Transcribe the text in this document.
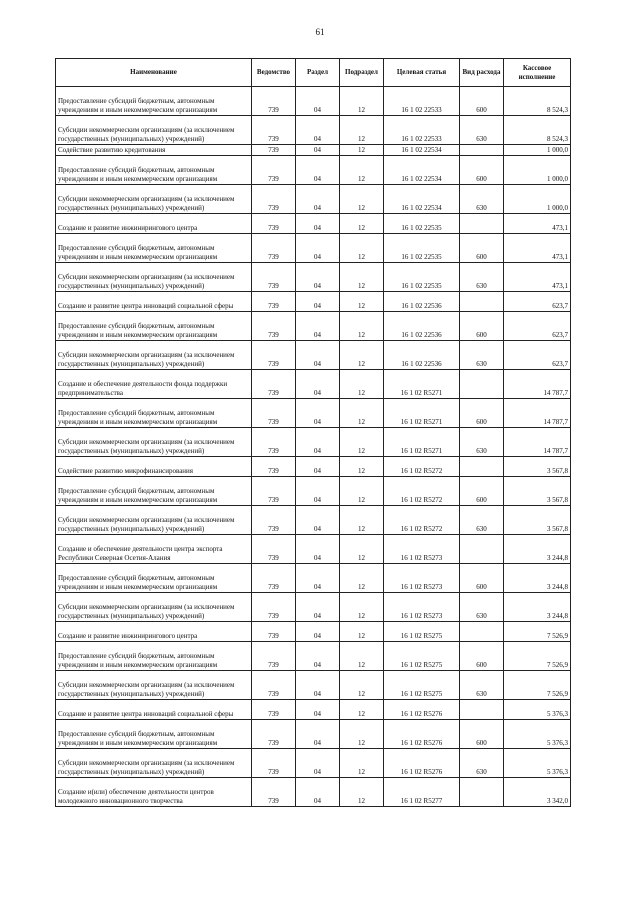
61
Наименование	Ведомство	Раздел	Подраздел	Целевая статья	Вид расхода	Кассовое исполнение
Предоставление субсидий бюджетным, автономным учреждениям и иным некоммерческим организациям	739	04	12	16 1 02 22533	600	8 524,3
Субсидии некоммерческим организациям (за исключением государственных (муниципальных) учреждений)	739	04	12	16 1 02 22533	630	8 524,3
Содействие развитию кредитования	739	04	12	16 1 02 22534		1 000,0
Предоставление субсидий бюджетным, автономным учреждениям и иным некоммерческим организациям	739	04	12	16 1 02 22534	600	1 000,0
Субсидии некоммерческим организациям (за исключением государственных (муниципальных) учреждений)	739	04	12	16 1 02 22534	630	1 000,0
Создание и развитие инжинирингового центра	739	04	12	16 1 02 22535		473,1
Предоставление субсидий бюджетным, автономным учреждениям и иным некоммерческим организациям	739	04	12	16 1 02 22535	600	473,1
Субсидии некоммерческим организациям (за исключением государственных (муниципальных) учреждений)	739	04	12	16 1 02 22535	630	473,1
Создание и развитие центра инноваций социальной сферы	739	04	12	16 1 02 22536		623,7
Предоставление субсидий бюджетным, автономным учреждениям и иным некоммерческим организациям	739	04	12	16 1 02 22536	600	623,7
Субсидии некоммерческим организациям (за исключением государственных (муниципальных) учреждений)	739	04	12	16 1 02 22536	630	623,7
Создание и обеспечение деятельности фонда поддержки предпринимательства	739	04	12	16 1 02 R5271		14 787,7
Предоставление субсидий бюджетным, автономным учреждениям и иным некоммерческим организациям	739	04	12	16 1 02 R5271	600	14 787,7
Субсидии некоммерческим организациям (за исключением государственных (муниципальных) учреждений)	739	04	12	16 1 02 R5271	630	14 787,7
Содействие развитию микрофинансирования	739	04	12	16 1 02 R5272		3 567,8
Предоставление субсидий бюджетным, автономным учреждениям и иным некоммерческим организациям	739	04	12	16 1 02 R5272	600	3 567,8
Субсидии некоммерческим организациям (за исключением государственных (муниципальных) учреждений)	739	04	12	16 1 02 R5272	630	3 567,8
Создание и обеспечение деятельности центра экспорта Республики Северная Осетия-Алания	739	04	12	16 1 02 R5273		3 244,8
Предоставление субсидий бюджетным, автономным учреждениям и иным некоммерческим организациям	739	04	12	16 1 02 R5273	600	3 244,8
Субсидии некоммерческим организациям (за исключением государственных (муниципальных) учреждений)	739	04	12	16 1 02 R5273	630	3 244,8
Создание и развитие инжинирингового центра	739	04	12	16 1 02 R5275		7 526,9
Предоставление субсидий бюджетным, автономным учреждениям и иным некоммерческим организациям	739	04	12	16 1 02 R5275	600	7 526,9
Субсидии некоммерческим организациям (за исключением государственных (муниципальных) учреждений)	739	04	12	16 1 02 R5275	630	7 526,9
Создание и развитие центра инноваций социальной сферы	739	04	12	16 1 02 R5276		5 376,3
Предоставление субсидий бюджетным, автономным учреждениям и иным некоммерческим организациям	739	04	12	16 1 02 R5276	600	5 376,3
Субсидии некоммерческим организациям (за исключением государственных (муниципальных) учреждений)	739	04	12	16 1 02 R5276	630	5 376,3
Создание и(или) обеспечение деятельности центров молодежного инновационного творчества	739	04	12	16 1 02 R5277		3 342,0
